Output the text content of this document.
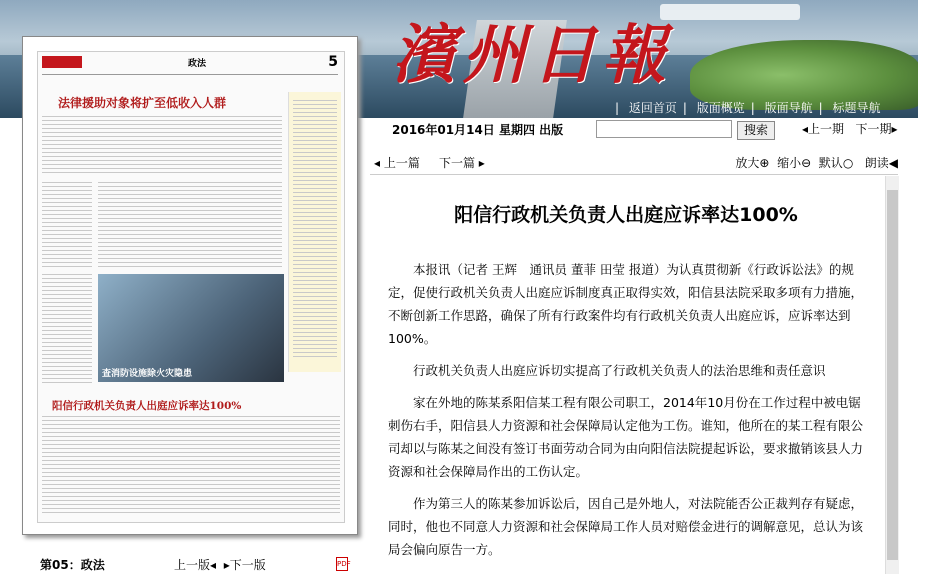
濱州日報
| 返回首页 | 版面概览 | 版面导航 | 标题导航
政法	5
法律援助对象将扩至低收入人群
查消防设施除火灾隐患
阳信行政机关负责人出庭应诉率达100%
第05：政法	上一版◂ ▸下一版	PDF
2016年01月14日 星期四 出版	搜索	◂上一期 下一期▸
◂ 上一篇 下一篇 ▸	放大⊕ 缩小⊖ 默认○ 朗读◀
阳信行政机关负责人出庭应诉率达100%

本报讯（记者 王辉　通讯员 董菲 田莹 报道）为认真贯彻新《行政诉讼法》的规定，促使行政机关负责人出庭应诉制度真正取得实效，阳信县法院采取多项有力措施，不断创新工作思路，确保了所有行政案件均有行政机关负责人出庭应诉，应诉率达到100%。

行政机关负责人出庭应诉切实提高了行政机关负责人的法治思维和责任意识

家在外地的陈某系阳信某工程有限公司职工，2014年10月份在工作过程中被电锯刺伤右手，阳信县人力资源和社会保障局认定他为工伤。谁知，他所在的某工程有限公司却以与陈某之间没有签订书面劳动合同为由向阳信法院提起诉讼，要求撤销该县人力资源和社会保障局作出的工伤认定。

作为第三人的陈某参加诉讼后，因自己是外地人，对法院能否公正裁判存有疑虑，同时，他也不同意人力资源和社会保障局工作人员对赔偿金进行的调解意见，总认为该局会偏向原告一方。
